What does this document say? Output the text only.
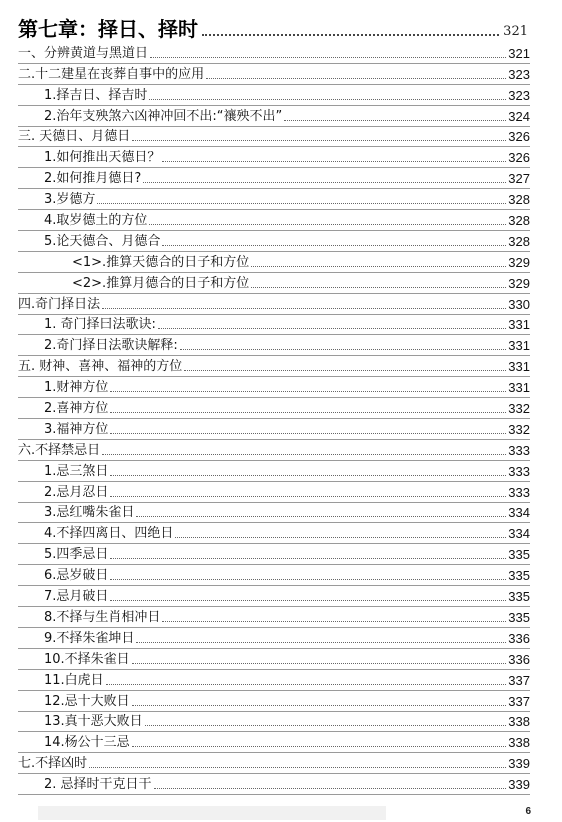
第七章：择日、择时	321
一、分辨黄道与黑道日	321
二.十二建星在丧葬自事中的应用	323
1.择吉日、择吉时	323
2.治年支殃煞六凶神冲回不出:“禳殃不出”	324
三. 天德日、月德日	326
1.如何推出天德日？	326
2.如何推月德日?	327
3.岁德方	328
4.取岁德土的方位	328
5.论天德合、月德合	328
<1>.推算天德合的日子和方位	329
<2>.推算月德合的日子和方位	329
四.奇门择日法	330
1. 奇门择曰法歌诀:	331
2.奇门择日法歌诀解释:	331
五. 财神、喜神、福神的方位	331
1.财神方位	331
2.喜神方位	332
3.福神方位	332
六.不择禁忌日	333
1.忌三煞日	333
2.忌月忍日	333
3.忌红嘴朱雀日	334
4.不择四离日、四绝日	334
5.四季忌日	335
6.忌岁破日	335
7.忌月破日	335
8.不择与生肖相冲日	335
9.不择朱雀坤日	336
10.不择朱雀日	336
11.白虎日	337
12.忌十大败日	337
13.真十恶大败日	338
14.杨公十三忌	338
七.不择凶时	339
2. 忌择时干克日干	339
6
